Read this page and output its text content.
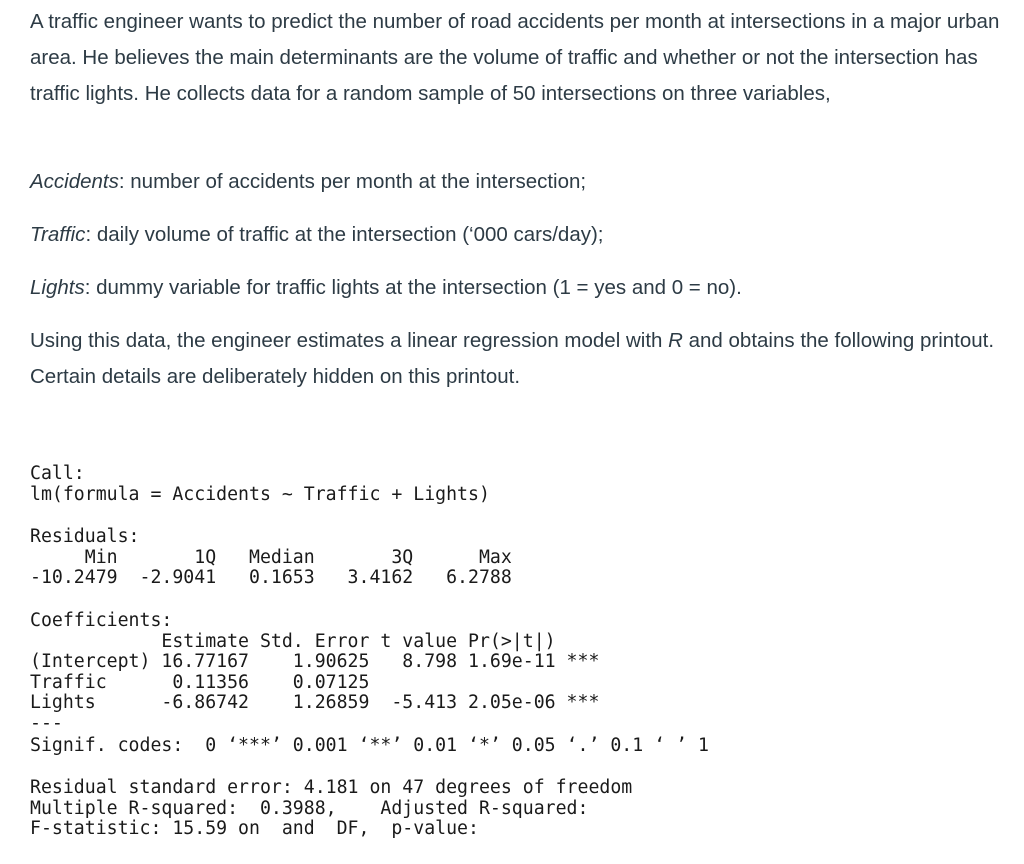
A traffic engineer wants to predict the number of road accidents per month at intersections in a major urban area. He believes the main determinants are the volume of traffic and whether or not the intersection has traffic lights. He collects data for a random sample of 50 intersections on three variables,

Accidents: number of accidents per month at the intersection;

Traffic: daily volume of traffic at the intersection (‘000 cars/day);

Lights: dummy variable for traffic lights at the intersection (1 = yes and 0 = no).

Using this data, the engineer estimates a linear regression model with R and obtains the following printout. Certain details are deliberately hidden on this printout.

Call:
lm(formula = Accidents ~ Traffic + Lights)
Residuals:
Min       1Q   Median       3Q      Max
-10.2479  -2.9041   0.1653   3.4162   6.2788
Coefficients:
Estimate Std. Error t value Pr(>|t|)
(Intercept) 16.77167    1.90625   8.798 1.69e-11 ***
Traffic      0.11356    0.07125
Lights      -6.86742    1.26859  -5.413 2.05e-06 ***
---
Signif. codes:  0 ‘***’ 0.001 ‘**’ 0.01 ‘*’ 0.05 ‘.’ 0.1 ‘ ’ 1
Residual standard error: 4.181 on 47 degrees of freedom
Multiple R-squared:  0.3988,	Adjusted R-squared:
F-statistic: 15.59 on  and  DF,  p-value:
